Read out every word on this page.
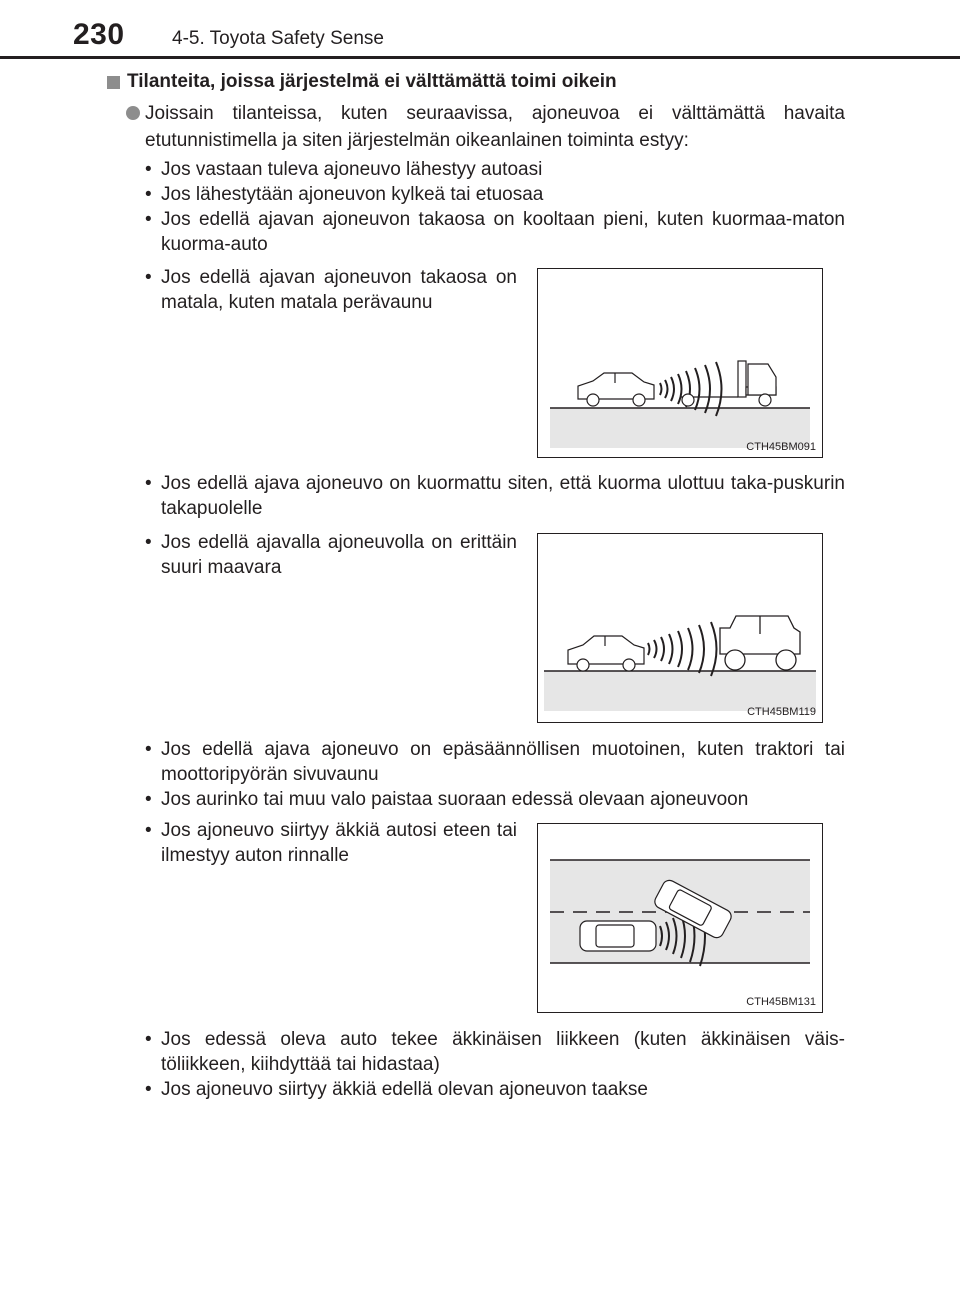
230 4-5. Toyota Safety Sense
Tilanteita, joissa järjestelmä ei välttämättä toimi oikein
Joissain tilanteissa, kuten seuraavissa, ajoneuvoa ei välttämättä havaita etutunnistimella ja siten järjestelmän oikeanlainen toiminta estyy:
• Jos vastaan tuleva ajoneuvo lähestyy autoasi
• Jos lähestytään ajoneuvon kylkeä tai etuosaa
• Jos edellä ajavan ajoneuvon takaosa on kooltaan pieni, kuten kuormaa-maton kuorma-auto
• Jos edellä ajavan ajoneuvon takaosa on matala, kuten matala perävaunu
CTH45BM091
• Jos edellä ajava ajoneuvo on kuormattu siten, että kuorma ulottuu taka-puskurin takapuolelle
• Jos edellä ajavalla ajoneuvolla on erittäin suuri maavara
CTH45BM119
• Jos edellä ajava ajoneuvo on epäsäännöllisen muotoinen, kuten traktori tai moottoripyörän sivuvaunu
• Jos aurinko tai muu valo paistaa suoraan edessä olevaan ajoneuvoon
• Jos ajoneuvo siirtyy äkkiä autosi eteen tai ilmestyy auton rinnalle
CTH45BM131
• Jos edessä oleva auto tekee äkkinäisen liikkeen (kuten äkkinäisen väis-töliikkeen, kiihdyttää tai hidastaa)
• Jos ajoneuvo siirtyy äkkiä edellä olevan ajoneuvon taakse
